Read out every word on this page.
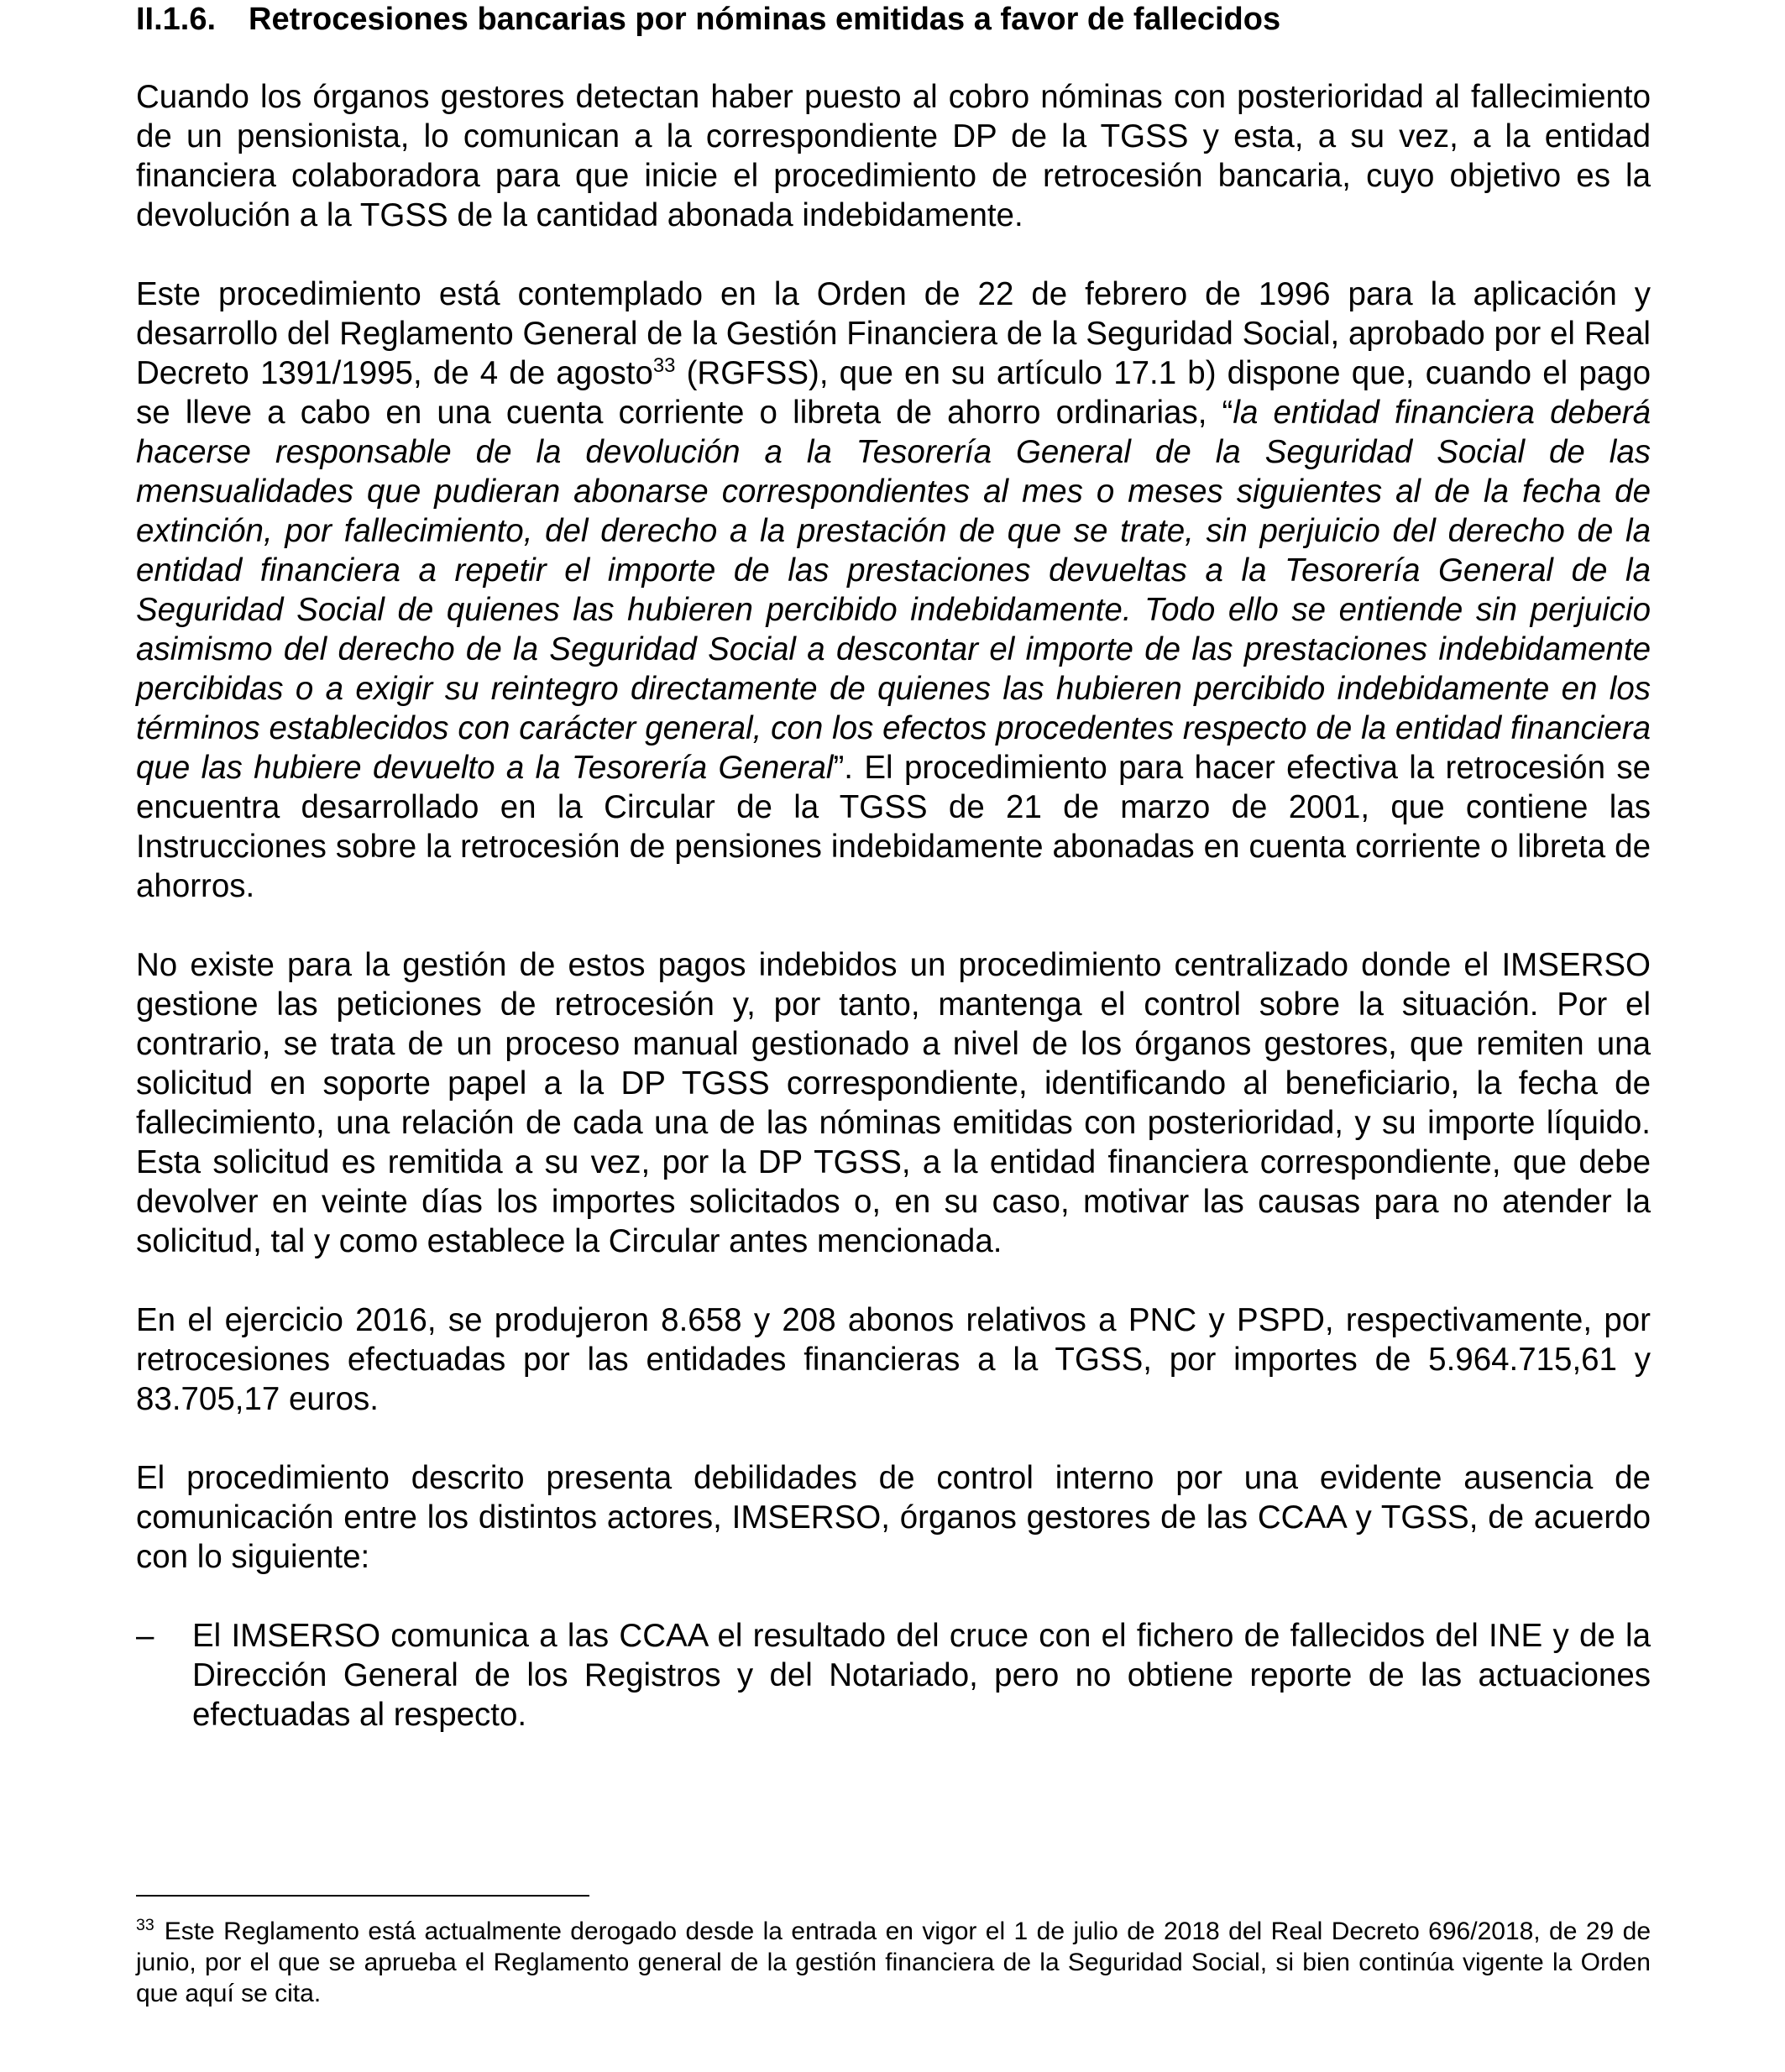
II.1.6. Retrocesiones bancarias por nóminas emitidas a favor de fallecidos

Cuando los órganos gestores detectan haber puesto al cobro nóminas con posterioridad al fallecimiento de un pensionista, lo comunican a la correspondiente DP de la TGSS y esta, a su vez, a la entidad financiera colaboradora para que inicie el procedimiento de retrocesión bancaria, cuyo objetivo es la devolución a la TGSS de la cantidad abonada indebidamente.

Este procedimiento está contemplado en la Orden de 22 de febrero de 1996 para la aplicación y desarrollo del Reglamento General de la Gestión Financiera de la Seguridad Social, aprobado por el Real Decreto 1391/1995, de 4 de agosto$^{33}$ (RGFSS), que en su artículo 17.1 b) dispone que, cuando el pago se lleve a cabo en una cuenta corriente o libreta de ahorro ordinarias, “la entidad financiera deberá hacerse responsable de la devolución a la Tesorería General de la Seguridad Social de las mensualidades que pudieran abonarse correspondientes al mes o meses siguientes al de la fecha de extinción, por fallecimiento, del derecho a la prestación de que se trate, sin perjuicio del derecho de la entidad financiera a repetir el importe de las prestaciones devueltas a la Tesorería General de la Seguridad Social de quienes las hubieren percibido indebidamente. Todo ello se entiende sin perjuicio asimismo del derecho de la Seguridad Social a descontar el importe de las prestaciones indebidamente percibidas o a exigir su reintegro directamente de quienes las hubieren percibido indebidamente en los términos establecidos con carácter general, con los efectos procedentes respecto de la entidad financiera que las hubiere devuelto a la Tesorería General”. El procedimiento para hacer efectiva la retrocesión se encuentra desarrollado en la Circular de la TGSS de 21 de marzo de 2001, que contiene las Instrucciones sobre la retrocesión de pensiones indebidamente abonadas en cuenta corriente o libreta de ahorros.

No existe para la gestión de estos pagos indebidos un procedimiento centralizado donde el IMSERSO gestione las peticiones de retrocesión y, por tanto, mantenga el control sobre la situación. Por el contrario, se trata de un proceso manual gestionado a nivel de los órganos gestores, que remiten una solicitud en soporte papel a la DP TGSS correspondiente, identificando al beneficiario, la fecha de fallecimiento, una relación de cada una de las nóminas emitidas con posterioridad, y su importe líquido. Esta solicitud es remitida a su vez, por la DP TGSS, a la entidad financiera correspondiente, que debe devolver en veinte días los importes solicitados o, en su caso, motivar las causas para no atender la solicitud, tal y como establece la Circular antes mencionada.

En el ejercicio 2016, se produjeron 8.658 y 208 abonos relativos a PNC y PSPD, respectivamente, por retrocesiones efectuadas por las entidades financieras a la TGSS, por importes de 5.964.715,61 y 83.705,17 euros.

El procedimiento descrito presenta debilidades de control interno por una evidente ausencia de comunicación entre los distintos actores, IMSERSO, órganos gestores de las CCAA y TGSS, de acuerdo con lo siguiente:

–	El IMSERSO comunica a las CCAA el resultado del cruce con el fichero de fallecidos del INE y de la Dirección General de los Registros y del Notariado, pero no obtiene reporte de las actuaciones efectuadas al respecto.

$^{33}$ Este Reglamento está actualmente derogado desde la entrada en vigor el 1 de julio de 2018 del Real Decreto 696/2018, de 29 de junio, por el que se aprueba el Reglamento general de la gestión financiera de la Seguridad Social, si bien continúa vigente la Orden que aquí se cita.
